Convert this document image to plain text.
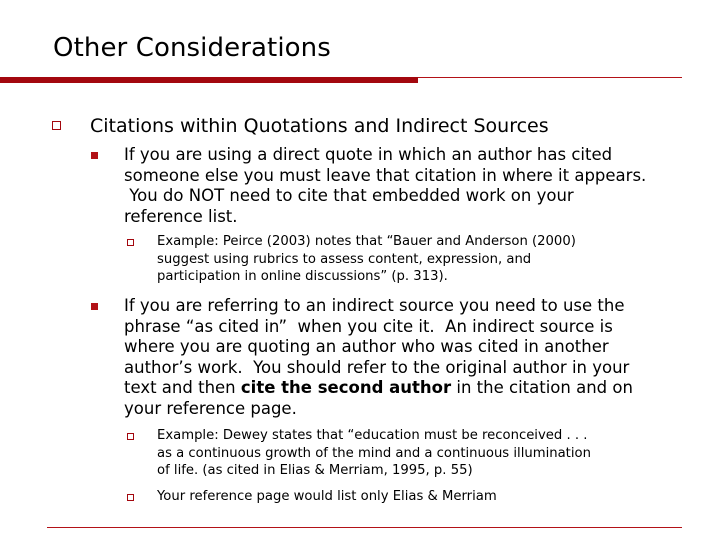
Other Considerations

Citations within Quotations and Indirect Sources

If you are using a direct quote in which an author has cited
someone else you must leave that citation in where it appears.
You do NOT need to cite that embedded work on your
reference list.

Example: Peirce (2003) notes that “Bauer and Anderson (2000)
suggest using rubrics to assess content, expression, and
participation in online discussions” (p. 313).

If you are referring to an indirect source you need to use the
phrase “as cited in”  when you cite it.  An indirect source is
where you are quoting an author who was cited in another
author’s work.  You should refer to the original author in your
text and then cite the second author in the citation and on
your reference page.

Example: Dewey states that “education must be reconceived . . .
as a continuous growth of the mind and a continuous illumination
of life. (as cited in Elias & Merriam, 1995, p. 55)

Your reference page would list only Elias & Merriam
